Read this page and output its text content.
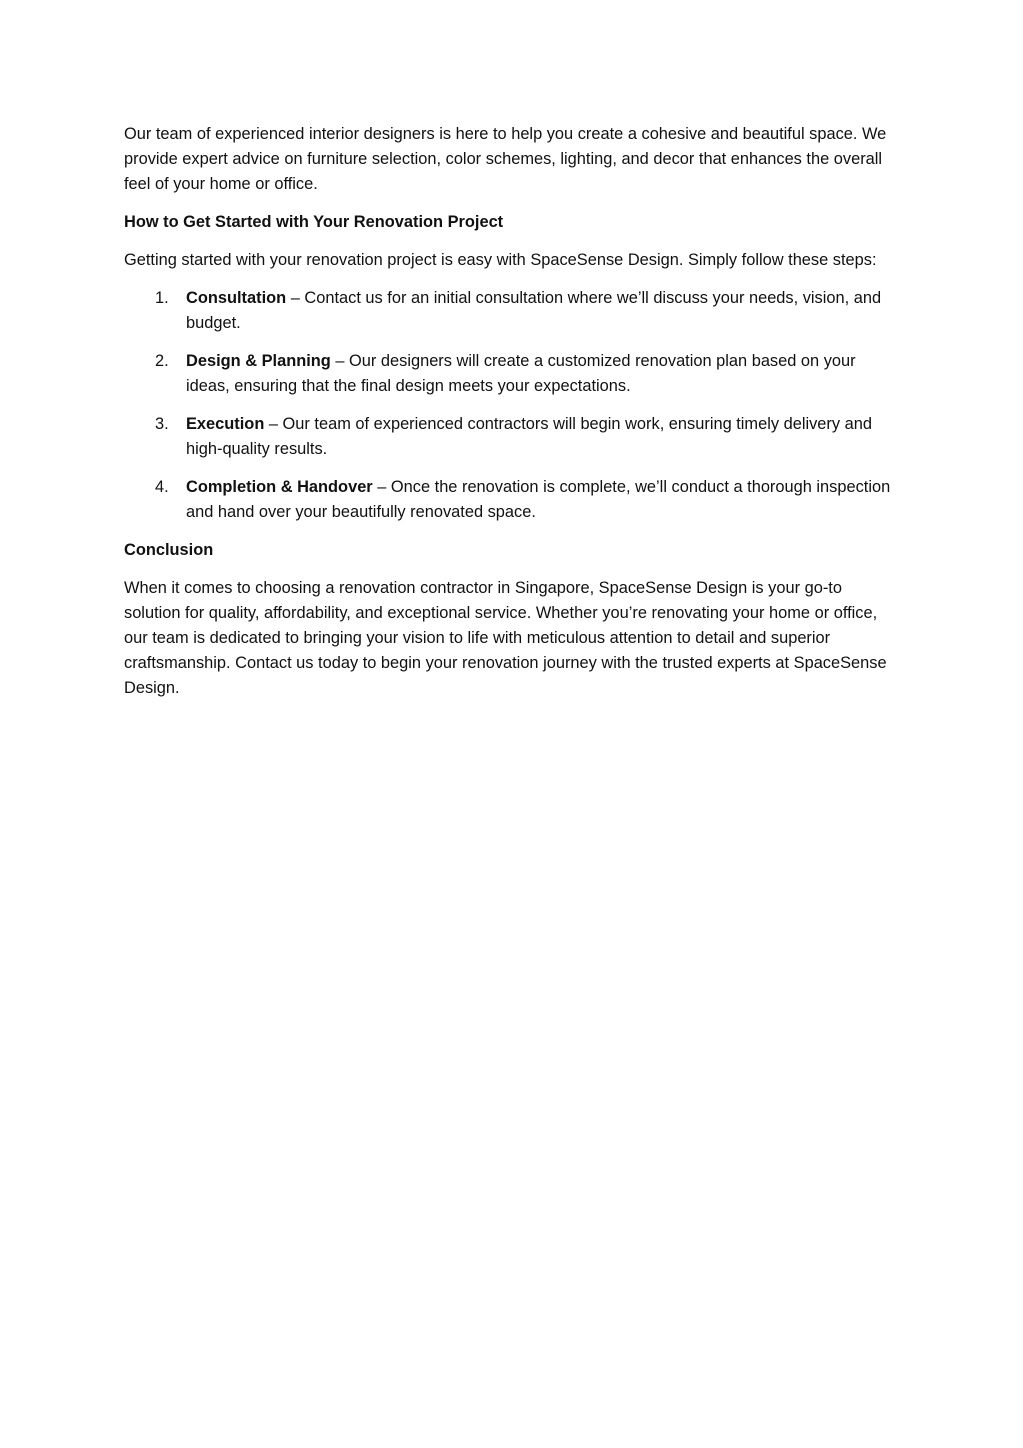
Our team of experienced interior designers is here to help you create a cohesive and beautiful space. We provide expert advice on furniture selection, color schemes, lighting, and decor that enhances the overall feel of your home or office.

How to Get Started with Your Renovation Project

Getting started with your renovation project is easy with SpaceSense Design. Simply follow these steps:

1. Consultation – Contact us for an initial consultation where we’ll discuss your needs, vision, and budget.
2. Design & Planning – Our designers will create a customized renovation plan based on your ideas, ensuring that the final design meets your expectations.
3. Execution – Our team of experienced contractors will begin work, ensuring timely delivery and high-quality results.
4. Completion & Handover – Once the renovation is complete, we’ll conduct a thorough inspection and hand over your beautifully renovated space.

Conclusion

When it comes to choosing a renovation contractor in Singapore, SpaceSense Design is your go-to solution for quality, affordability, and exceptional service. Whether you’re renovating your home or office, our team is dedicated to bringing your vision to life with meticulous attention to detail and superior craftsmanship. Contact us today to begin your renovation journey with the trusted experts at SpaceSense Design.
